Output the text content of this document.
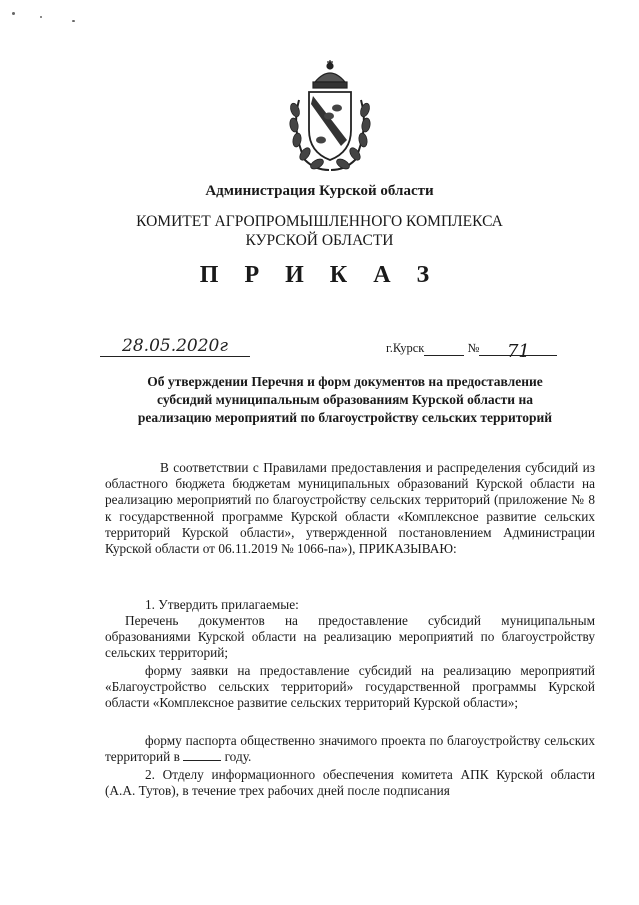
Администрация Курской области
КОМИТЕТ АГРОПРОМЫШЛЕННОГО КОМПЛЕКСА
КУРСКОЙ ОБЛАСТИ
П Р И К А З
28.05.2020г	г.Курск	№ 71
Об утверждении Перечня и форм документов на предоставление
субсидий муниципальным образованиям Курской области на
реализацию мероприятий по благоустройству сельских территорий
В соответствии с Правилами предоставления и распределения субсидий из областного бюджета бюджетам муниципальных образований Курской области на реализацию мероприятий по благоустройству сельских территорий (приложение № 8 к государственной программе Курской области «Комплексное развитие сельских территорий Курской области», утвержденной постановлением Администрации Курской области от 06.11.2019 № 1066-па»), ПРИКАЗЫВАЮ:
1. Утвердить прилагаемые:
Перечень документов на предоставление субсидий муниципальным образованиями Курской области на реализацию мероприятий по благоустройству сельских территорий;
форму заявки на предоставление субсидий на реализацию мероприятий «Благоустройство сельских территорий» государственной программы Курской области «Комплексное развитие сельских территорий Курской области»;
форму паспорта общественно значимого проекта по благоустройству сельских территорий в	году.
2. Отделу информационного обеспечения комитета АПК Курской области (А.А. Тутов), в течение трех рабочих дней после подписания
